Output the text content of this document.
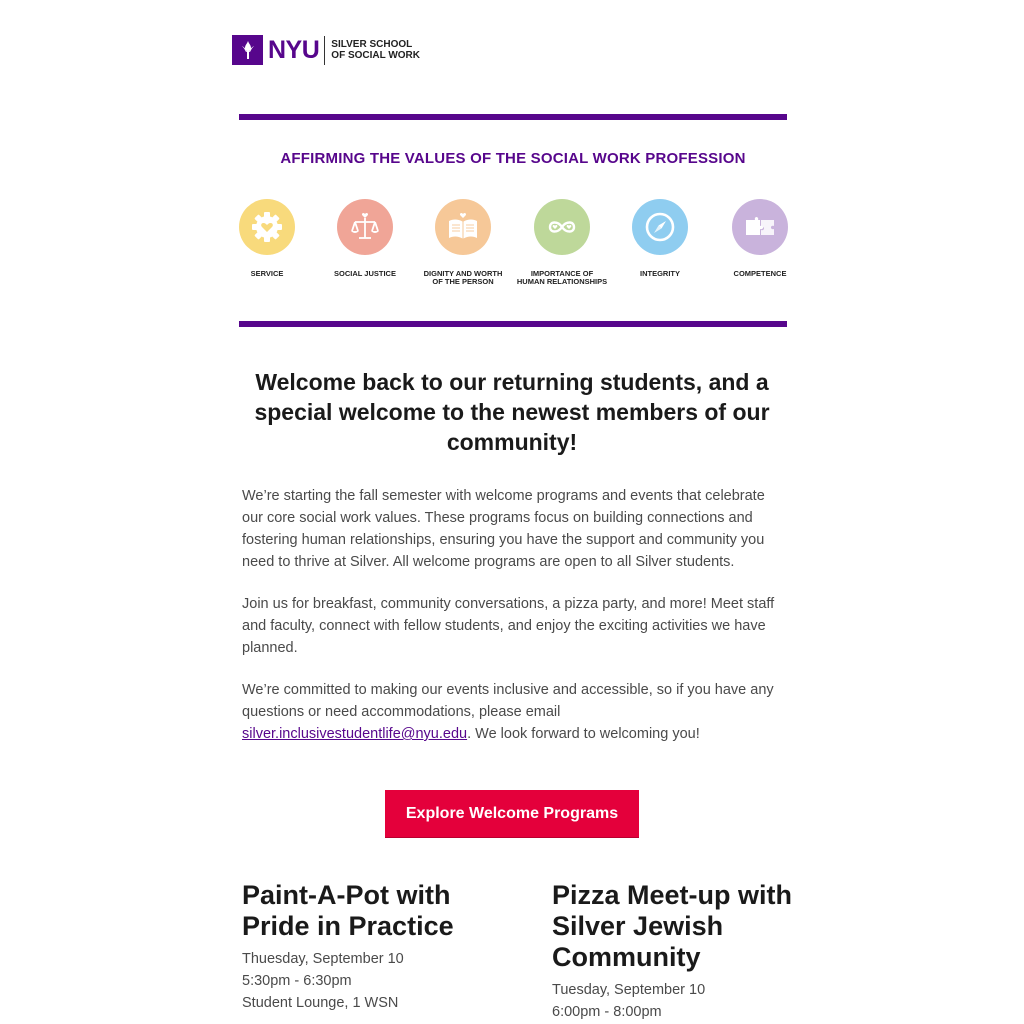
NYU SILVER SCHOOL
OF SOCIAL WORK
AFFIRMING THE VALUES OF THE SOCIAL WORK PROFESSION
SERVICE	SOCIAL JUSTICE	DIGNITY AND WORTH
OF THE PERSON
IMPORTANCE OF
HUMAN RELATIONSHIPS
INTEGRITY	COMPETENCE
Welcome back to our returning students, and a special welcome to the newest members of our community!

We’re starting the fall semester with welcome programs and events that celebrate our core social work values. These programs focus on building connections and fostering human relationships, ensuring you have the support and community you need to thrive at Silver. All welcome programs are open to all Silver students.

Join us for breakfast, community conversations, a pizza party, and more! Meet staff and faculty, connect with fellow students, and enjoy the exciting activities we have planned.

We’re committed to making our events inclusive and accessible, so if you have any questions or need accommodations, please email silver.inclusivestudentlife@nyu.edu. We look forward to welcoming you!

Explore Welcome Programs
Paint-A-Pot with Pride in Practice

Thuesday, September 10

5:30pm - 6:30pm

Student Lounge, 1 WSN

Pizza Meet-up with Silver Jewish Community

Tuesday, September 10

6:00pm - 8:00pm
